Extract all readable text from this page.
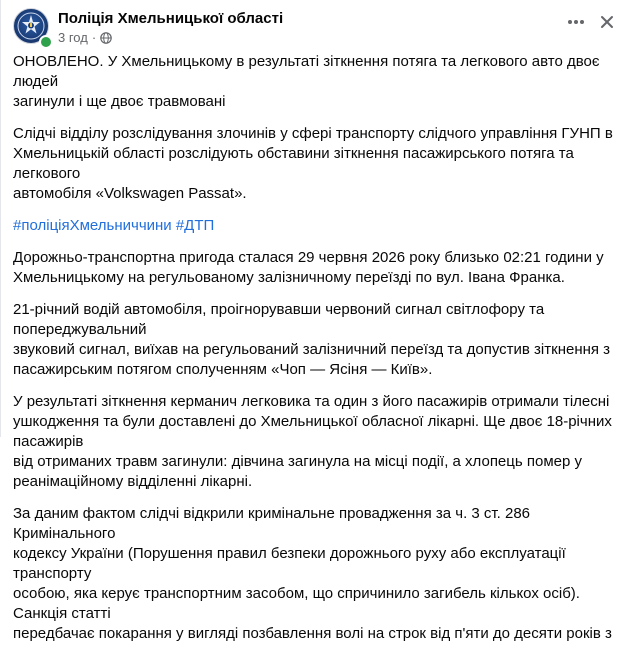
Поліція Хмельницької області
3 год ·

ОНОВЛЕНО. У Хмельницькому в результаті зіткнення потяга та легкового авто двоє людей
загинули і ще двоє травмовані

Слідчі відділу розслідування злочинів у сфері транспорту слідчого управління ГУНП в
Хмельницькій області розслідують обставини зіткнення пасажирського потяга та легкового
автомобіля «Volkswagen Passat».

#поліціяХмельниччини #ДТП

Дорожньо-транспортна пригода сталася 29 червня 2026 року близько 02:21 години у
Хмельницькому на регульованому залізничному переїзді по вул. Івана Франка.

21-річний водій автомобіля, проігнорувавши червоний сигнал світлофору та попереджувальний
звуковий сигнал, виїхав на регульований залізничний переїзд та допустив зіткнення з
пасажирським потягом сполученням «Чоп — Ясіня — Київ».

У результаті зіткнення кермaнич легковика та один з його пасажирів отримали тілесні
ушкодження та були доставлені до Хмельницької обласної лікарні. Ще двоє 18-річних пасажирів
від отриманих травм загинули: дівчина загинула на місці події, а хлопець помер у
реанімаційному відділенні лікарні.

За даним фактом слідчі відкрили кримінальне провадження за ч. 3 ст. 286 Кримінального
кодексу України (Порушення правил безпеки дорожнього руху або експлуатації транспорту
особою, яка керує транспортним засобом, що спричинило загибель кількох осіб). Санкція статті
передбачає покарання у вигляді позбавлення волі на строк від п'яти до десяти років з
